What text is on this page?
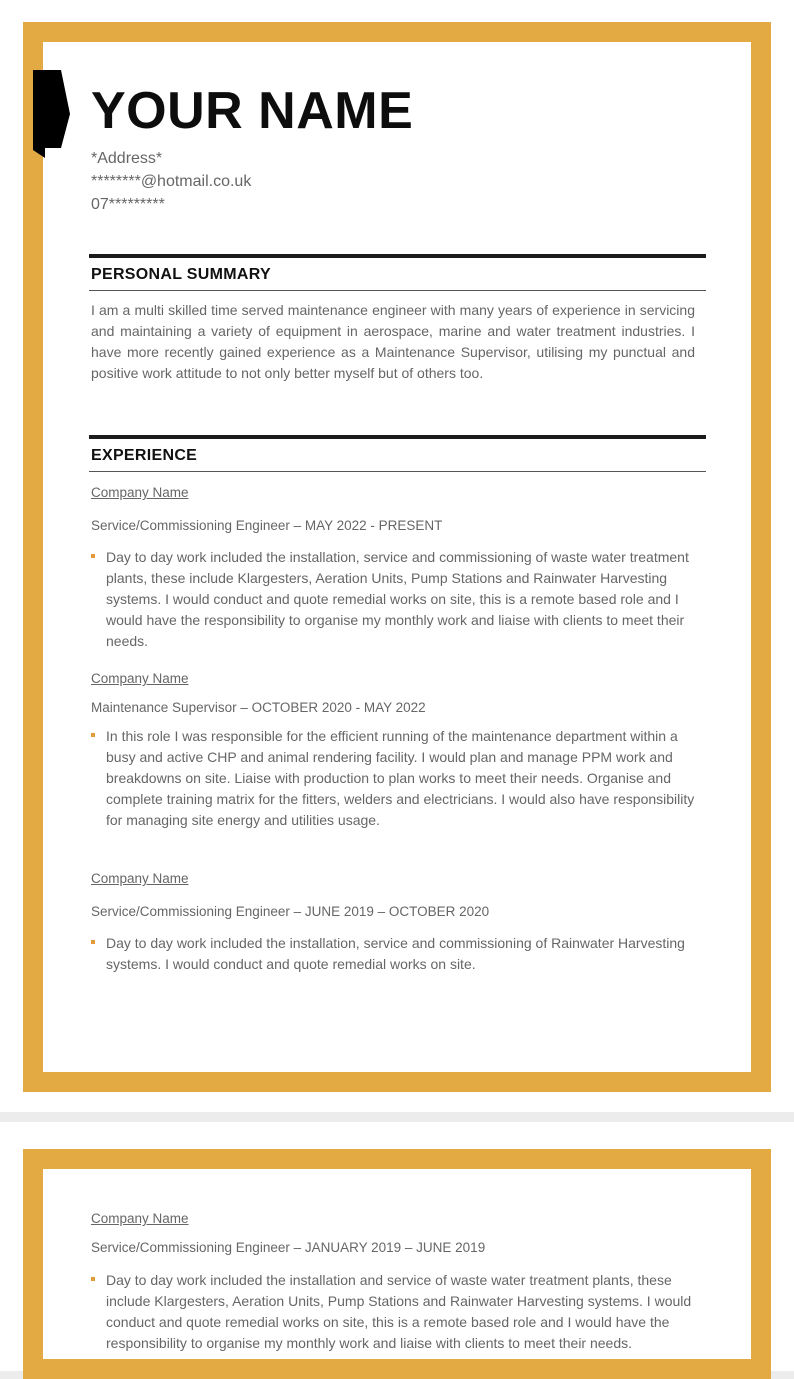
YOUR NAME
*Address*
********@hotmail.co.uk
07*********
PERSONAL SUMMARY
I am a multi skilled time served maintenance engineer with many years of experience in servicing and maintaining a variety of equipment in aerospace, marine and water treatment industries. I have more recently gained experience as a Maintenance Supervisor, utilising my punctual and positive work attitude to not only better myself but of others too.
EXPERIENCE
Company Name
Service/Commissioning Engineer – MAY 2022 - PRESENT
Day to day work included the installation, service and commissioning of waste water treatment plants, these include Klargesters, Aeration Units, Pump Stations and Rainwater Harvesting systems. I would conduct and quote remedial works on site, this is a remote based role and I would have the responsibility to organise my monthly work and liaise with clients to meet their needs.
Company Name
Maintenance Supervisor – OCTOBER 2020 - MAY 2022
In this role I was responsible for the efficient running of the maintenance department within a busy and active CHP and animal rendering facility. I would plan and manage PPM work and breakdowns on site. Liaise with production to plan works to meet their needs. Organise and complete training matrix for the fitters, welders and electricians. I would also have responsibility for managing site energy and utilities usage.
Company Name
Service/Commissioning Engineer – JUNE 2019 – OCTOBER 2020
Day to day work included the installation, service and commissioning of Rainwater Harvesting systems. I would conduct and quote remedial works on site.
Company Name
Service/Commissioning Engineer – JANUARY 2019 – JUNE 2019
Day to day work included the installation and service of waste water treatment plants, these include Klargesters, Aeration Units, Pump Stations and Rainwater Harvesting systems. I would conduct and quote remedial works on site, this is a remote based role and I would have the responsibility to organise my monthly work and liaise with clients to meet their needs.
